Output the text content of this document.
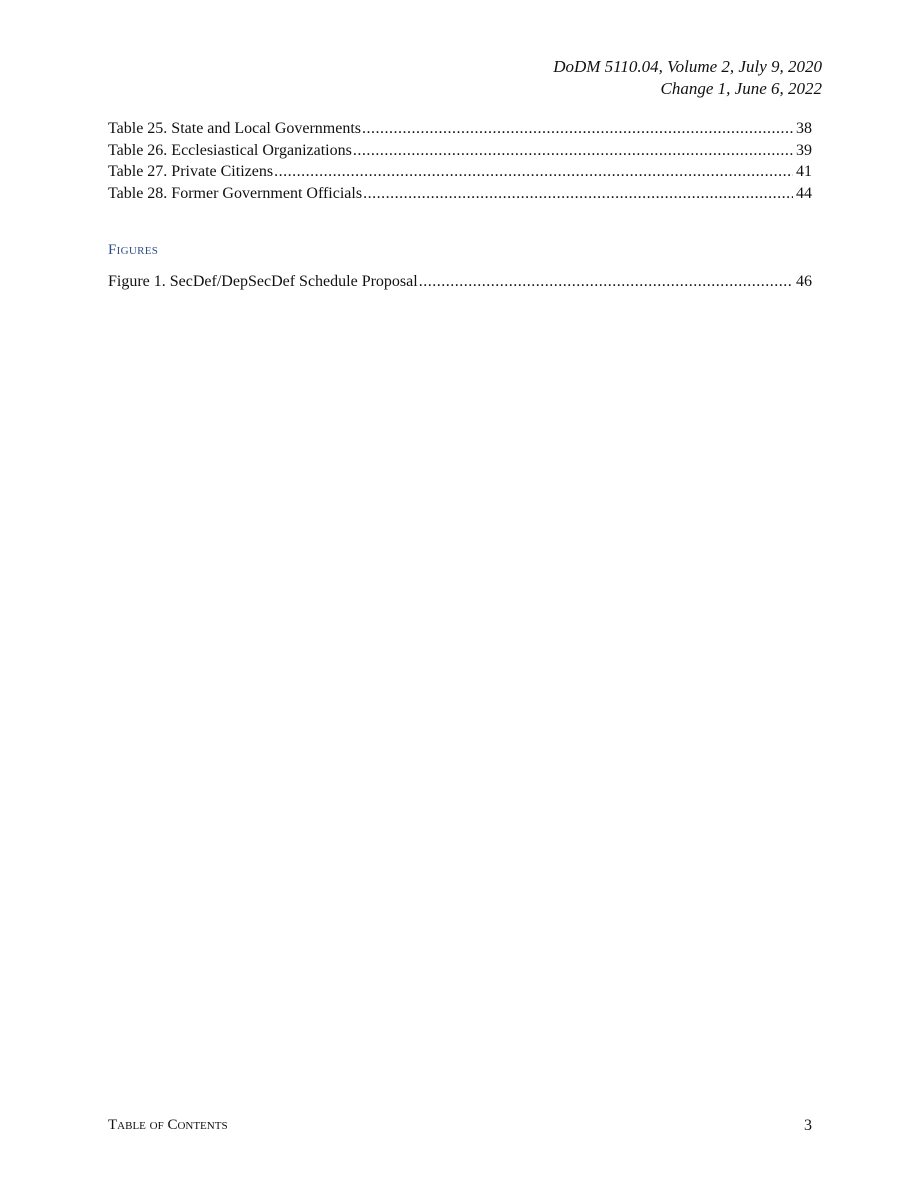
DoDM 5110.04, Volume 2, July 9, 2020
Change 1, June 6, 2022
Table 25. State and Local Governments .....	38
Table 26. Ecclesiastical Organizations .....	39
Table 27. Private Citizens .....	41
Table 28. Former Government Officials .....	44
Figures
Figure 1. SecDef/DepSecDef Schedule Proposal .....	46
Table of Contents	3
